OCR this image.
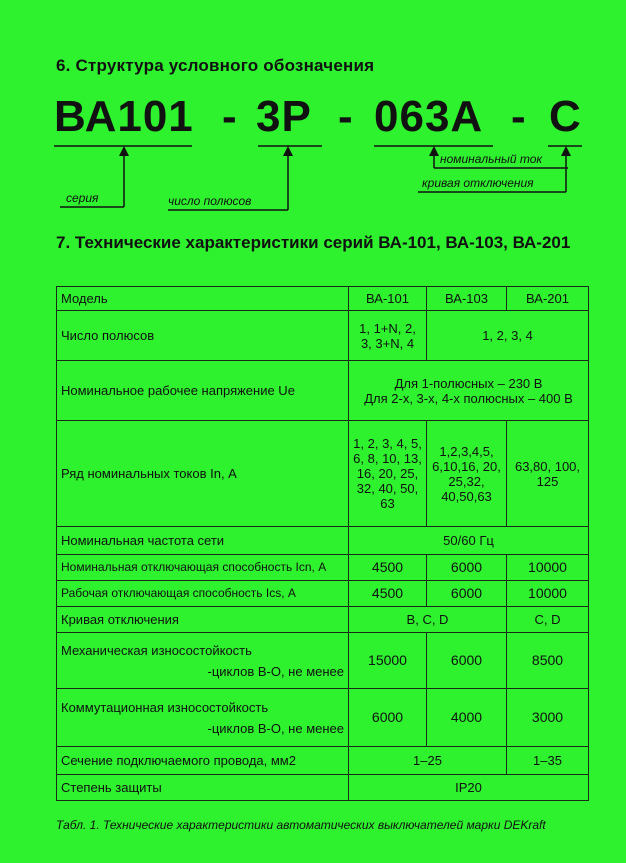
6. Структура условного обозначения
ВА101 - 3Р - 063А - С
серия	число полюсов
номинальный ток
кривая отключения
7. Технические характеристики серий ВА-101, ВА-103, ВА-201
Модель	ВА-101	ВА-103	ВА-201
Число полюсов	1, 1+N, 2, 3, 3+N, 4	1, 2, 3, 4	
Номинальное рабочее напряжение Ue	Для 1-полюсных – 230 В
Для 2-х, 3-х, 4-х полюсных – 400 В		
Ряд номинальных токов In, А	1, 2, 3, 4, 5, 6, 8, 10, 13, 16, 20, 25, 32, 40, 50, 63	1,2,3,4,5, 6,10,16, 20, 25,32, 40,50,63	63,80, 100, 125
Номинальная частота сети	50/60 Гц		
Номинальная отключающая способность Icn, А	4500	6000	10000
Рабочая отключающая способность Ics, А	4500	6000	10000
Кривая отключения	B, C, D		C, D
Механическая износостойкость
-циклов В-О, не менее	15000	6000	8500
Коммутационная износостойкость
-циклов В-О, не менее	6000	4000	3000
Сечение подключаемого провода, мм2	1–25		1–35
Степень защиты	IP20		
Табл. 1. Технические характеристики автоматических выключателей марки DEKraft
